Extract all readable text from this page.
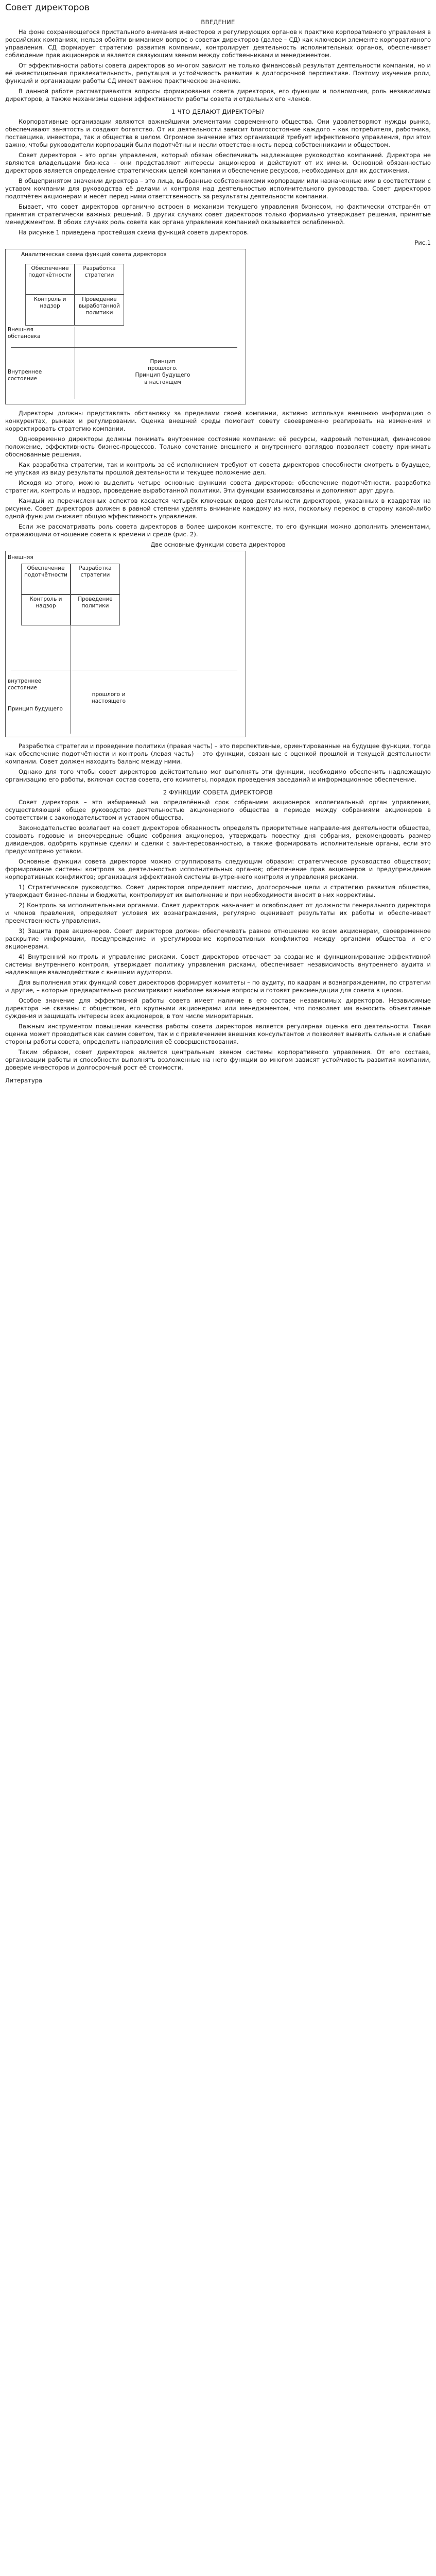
Совет директоров
ВВЕДЕНИЕ

На фоне сохраняющегося пристального внимания инвесторов и регулирующих органов к практике корпоративного управления в российских компаниях, нельзя обойти вниманием вопрос о советах директоров (далее – СД) как ключевом элементе корпоративного управления. СД формирует стратегию развития компании, контролирует деятельность исполнительных органов, обеспечивает соблюдение прав акционеров и является связующим звеном между собственниками и менеджментом.

От эффективности работы совета директоров во многом зависит не только финансовый результат деятельности компании, но и её инвестиционная привлекательность, репутация и устойчивость развития в долгосрочной перспективе. Поэтому изучение роли, функций и организации работы СД имеет важное практическое значение.

В данной работе рассматриваются вопросы формирования совета директоров, его функции и полномочия, роль независимых директоров, а также механизмы оценки эффективности работы совета и отдельных его членов.

1 ЧТО ДЕЛАЮТ ДИРЕКТОРЫ?

Корпоративные организации являются важнейшими элементами современного общества. Они удовлетворяют нужды рынка, обеспечивают занятость и создают богатство. От их деятельности зависит благосостояние каждого – как потребителя, работника, поставщика, инвестора, так и общества в целом. Огромное значение этих организаций требует эффективного управления, при этом важно, чтобы руководители корпораций были подотчётны и несли ответственность перед собственниками и обществом.

Совет директоров – это орган управления, который обязан обеспечивать надлежащее руководство компанией. Директора не являются владельцами бизнеса – они представляют интересы акционеров и действуют от их имени. Основной обязанностью директоров является определение стратегических целей компании и обеспечение ресурсов, необходимых для их достижения.

В общепринятом значении директора – это лица, выбранные собственниками корпорации или назначенные ими в соответствии с уставом компании для руководства её делами и контроля над деятельностью исполнительного руководства. Совет директоров подотчётен акционерам и несёт перед ними ответственность за результаты деятельности компании.

Бывает, что совет директоров органично встроен в механизм текущего управления бизнесом, но фактически отстранён от принятия стратегически важных решений. В других случаях совет директоров только формально утверждает решения, принятые менеджментом. В обоих случаях роль совета как органа управления компанией оказывается ослабленной.

На рисунке 1 приведена простейшая схема функций совета директоров.

Рис.1
Аналитическая схема функций совета директоров
Обеспечение подотчётности
Разработка стратегии
Контроль и надзор
Проведение выработанной политики
Внешняя обстановка
Внутреннее состояние
Принцип прошлого. Принцип будущего
в настоящем

Директоры должны представлять обстановку за пределами своей компании, активно используя внешнюю информацию о конкурентах, рынках и регулировании. Оценка внешней среды помогает совету своевременно реагировать на изменения и корректировать стратегию компании.

Одновременно директоры должны понимать внутреннее состояние компании: её ресурсы, кадровый потенциал, финансовое положение, эффективность бизнес-процессов. Только сочетание внешнего и внутреннего взглядов позволяет совету принимать обоснованные решения.

Как разработка стратегии, так и контроль за её исполнением требуют от совета директоров способности смотреть в будущее, не упуская из виду результаты прошлой деятельности и текущее положение дел.

Исходя из этого, можно выделить четыре основные функции совета директоров: обеспечение подотчётности, разработка стратегии, контроль и надзор, проведение выработанной политики. Эти функции взаимосвязаны и дополняют друг друга.

Каждый из перечисленных аспектов касается четырёх ключевых видов деятельности директоров, указанных в квадратах на рисунке. Совет директоров должен в равной степени уделять внимание каждому из них, поскольку перекос в сторону какой-либо одной функции снижает общую эффективность управления.

Если же рассматривать роль совета директоров в более широком контексте, то его функции можно дополнить элементами, отражающими отношение совета к времени и среде (рис. 2).

Две основные функции совета директоров
Внешняя
Обеспечение подотчётности
Разработка стратегии
Контроль и надзор
Проведение политики
внутреннее состояние
Принцип будущего
прошлого и настоящего

Разработка стратегии и проведение политики (правая часть) – это перспективные, ориентированные на будущее функции, тогда как обеспечение подотчётности и контроль (левая часть) – это функции, связанные с оценкой прошлой и текущей деятельности компании. Совет должен находить баланс между ними.

Однако для того чтобы совет директоров действительно мог выполнять эти функции, необходимо обеспечить надлежащую организацию его работы, включая состав совета, его комитеты, порядок проведения заседаний и информационное обеспечение.

2 ФУНКЦИИ СОВЕТА ДИРЕКТОРОВ

Совет директоров – это избираемый на определённый срок собранием акционеров коллегиальный орган управления, осуществляющий общее руководство деятельностью акционерного общества в периоде между собраниями акционеров в соответствии с законодательством и уставом общества.

Законодательство возлагает на совет директоров обязанность определять приоритетные направления деятельности общества, созывать годовые и внеочередные общие собрания акционеров, утверждать повестку дня собрания, рекомендовать размер дивидендов, одобрять крупные сделки и сделки с заинтересованностью, а также формировать исполнительные органы, если это предусмотрено уставом.

Основные функции совета директоров можно сгруппировать следующим образом: стратегическое руководство обществом; формирование системы контроля за деятельностью исполнительных органов; обеспечение прав акционеров и предупреждение корпоративных конфликтов; организация эффективной системы внутреннего контроля и управления рисками.

1) Стратегическое руководство. Совет директоров определяет миссию, долгосрочные цели и стратегию развития общества, утверждает бизнес-планы и бюджеты, контролирует их выполнение и при необходимости вносит в них коррективы.

2) Контроль за исполнительными органами. Совет директоров назначает и освобождает от должности генерального директора и членов правления, определяет условия их вознаграждения, регулярно оценивает результаты их работы и обеспечивает преемственность управления.

3) Защита прав акционеров. Совет директоров должен обеспечивать равное отношение ко всем акционерам, своевременное раскрытие информации, предупреждение и урегулирование корпоративных конфликтов между органами общества и его акционерами.

4) Внутренний контроль и управление рисками. Совет директоров отвечает за создание и функционирование эффективной системы внутреннего контроля, утверждает политику управления рисками, обеспечивает независимость внутреннего аудита и надлежащее взаимодействие с внешним аудитором.

Для выполнения этих функций совет директоров формирует комитеты – по аудиту, по кадрам и вознаграждениям, по стратегии и другие, – которые предварительно рассматривают наиболее важные вопросы и готовят рекомендации для совета в целом.

Особое значение для эффективной работы совета имеет наличие в его составе независимых директоров. Независимые директора не связаны с обществом, его крупными акционерами или менеджментом, что позволяет им выносить объективные суждения и защищать интересы всех акционеров, в том числе миноритарных.

Важным инструментом повышения качества работы совета директоров является регулярная оценка его деятельности. Такая оценка может проводиться как самим советом, так и с привлечением внешних консультантов и позволяет выявить сильные и слабые стороны работы совета, определить направления её совершенствования.

Таким образом, совет директоров является центральным звеном системы корпоративного управления. От его состава, организации работы и способности выполнять возложенные на него функции во многом зависят устойчивость развития компании, доверие инвесторов и долгосрочный рост её стоимости.

Литература
